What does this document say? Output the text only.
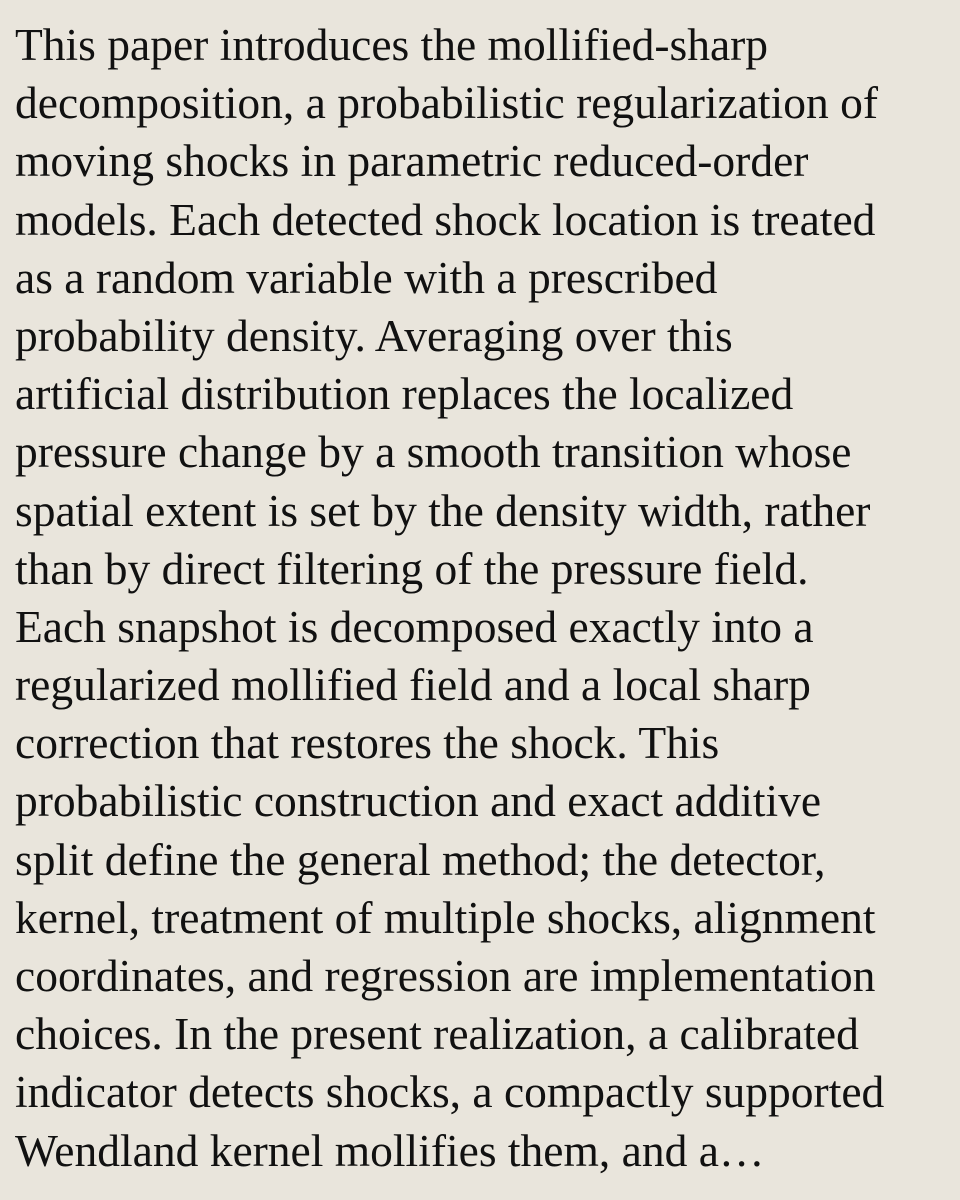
This paper introduces the mollified-sharp
decomposition, a probabilistic regularization of
moving shocks in parametric reduced-order
models. Each detected shock location is treated
as a random variable with a prescribed
probability density. Averaging over this
artificial distribution replaces the localized
pressure change by a smooth transition whose
spatial extent is set by the density width, rather
than by direct filtering of the pressure field.
Each snapshot is decomposed exactly into a
regularized mollified field and a local sharp
correction that restores the shock. This
probabilistic construction and exact additive
split define the general method; the detector,
kernel, treatment of multiple shocks, alignment
coordinates, and regression are implementation
choices. In the present realization, a calibrated
indicator detects shocks, a compactly supported
Wendland kernel mollifies them, and a…
